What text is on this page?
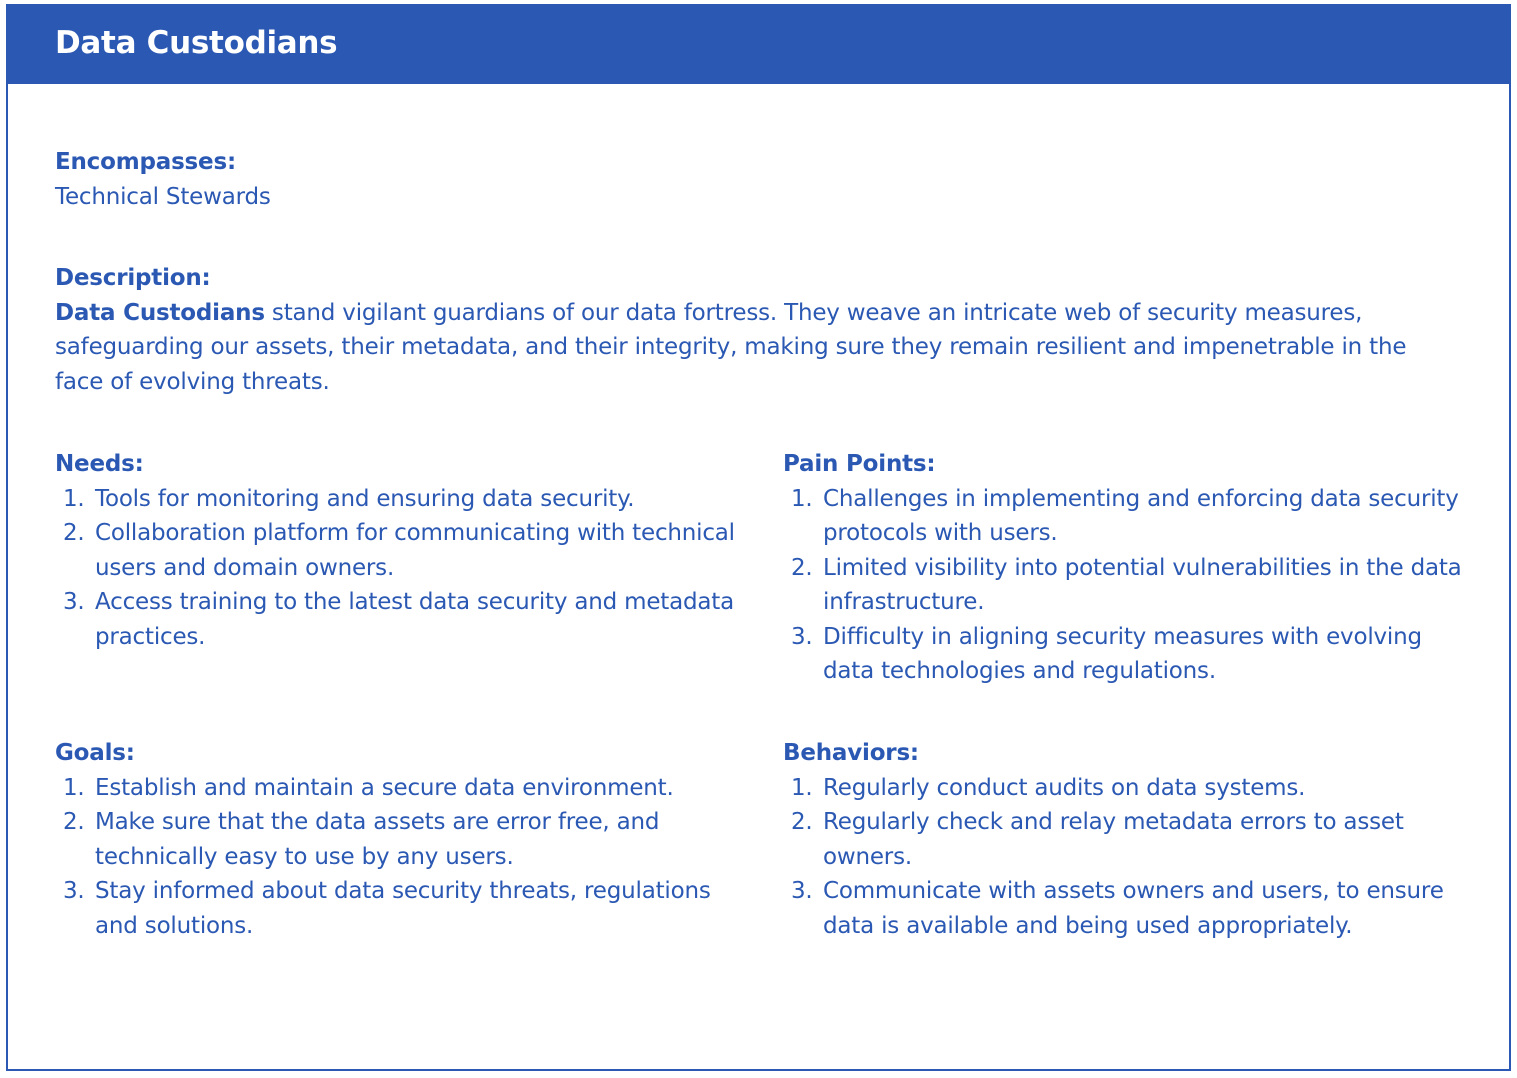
Data Custodians
Encompasses:
Technical Stewards
Description:
Data Custodians stand vigilant guardians of our data fortress. They weave an intricate web of security measures, safeguarding our assets, their metadata, and their integrity, making sure they remain resilient and impenetrable in the face of evolving threats.
Needs:
1. Tools for monitoring and ensuring data security.
2. Collaboration platform for communicating with technical users and domain owners.
3. Access training to the latest data security and metadata practices.
Pain Points:
1. Challenges in implementing and enforcing data security protocols with users.
2. Limited visibility into potential vulnerabilities in the data infrastructure.
3. Difficulty in aligning security measures with evolving data technologies and regulations.
Goals:
1. Establish and maintain a secure data environment.
2. Make sure that the data assets are error free, and technically easy to use by any users.
3. Stay informed about data security threats, regulations and solutions.
Behaviors:
1. Regularly conduct audits on data systems.
2. Regularly check and relay metadata errors to asset owners.
3. Communicate with assets owners and users, to ensure data is available and being used appropriately.
